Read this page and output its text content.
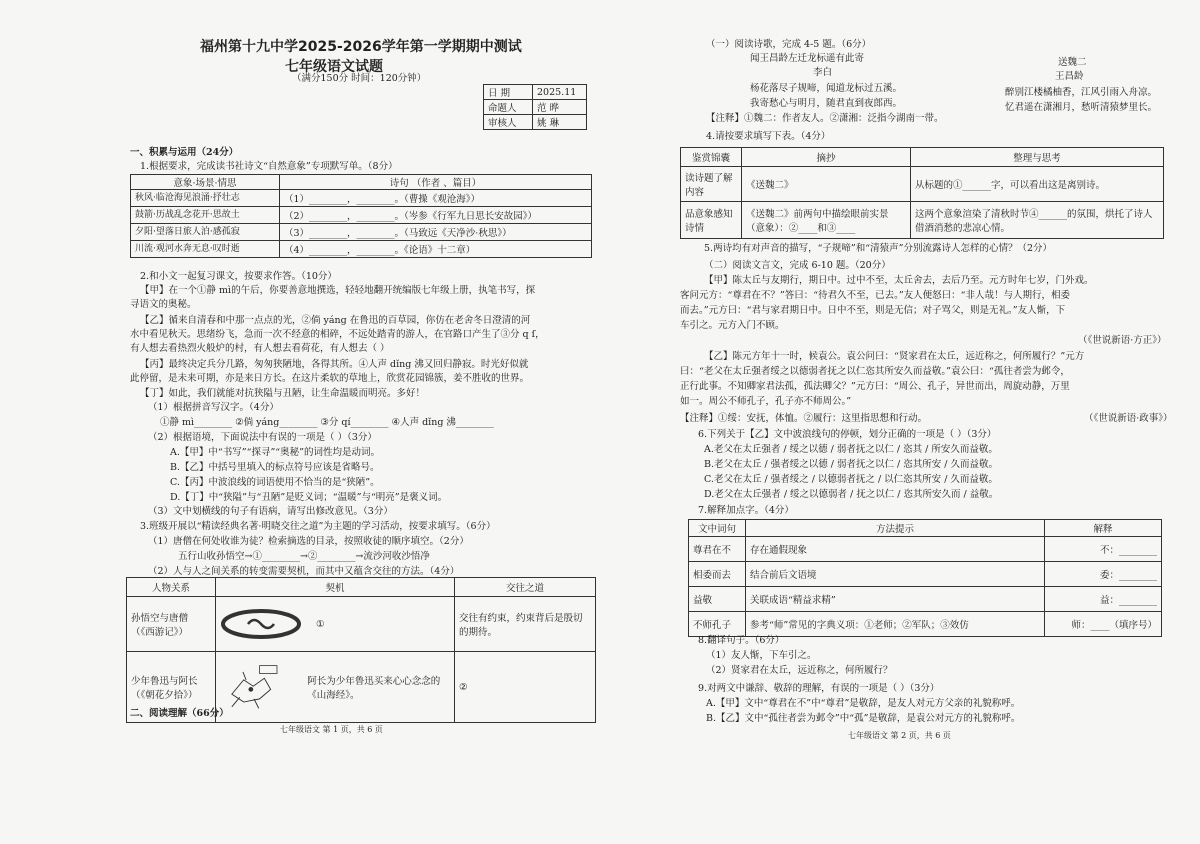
福州第十九中学2025-2026学年第一学期期中测试
七年级语文试题
（满分150分 时间：120分钟）
日 期	2025.11
命题人	范 晔
审核人	姚 琳
一、积累与运用（24分）
1.根据要求，完成读书社诗文“自然意象”专项默写单。（8分）
意象·场景·情思	诗句 （作者 、篇目）
秋风·临沧海见浪涌·抒壮志	（1）________，________。（曹操《观沧海》）
鼓箭·历战乱念花开·思故土	（2）________，________。（岑参《行军九日思长安故园》）
夕阳·望落日旅人泊·感孤寂	（3）________，________。（马致远《天净沙·秋思》）
川流·观河水奔无息·叹时逝	（4）________，________。《论语》十二章）
2.和小文一起复习课文，按要求作答。（10分）
【甲】在一个①静 mì的午后，你要善意地撰选，轻轻地翻开统编版七年级上册，执笔书写，探
寻语文的奥秘。
【乙】循来自清春和中那一点点的光，②倘 yáng 在鲁迅的百草园，你仿在老舍冬日澄清的河
水中看见秋天。思绪纷飞，急而一次不经意的相碎，不远处踏青的游人，在官路口产生了③分 q ſ，
有人想去看热烈火般炉的村，有人想去看荷花，有人想去（ ）
【丙】最终决定兵分几路，匆匆狭陋地，各得其所。④人声 dǐng 沸又回归静寂。时光好似就
此停留，是未来可期，亦是来日方长。在这片柔软的草地上，欣赏花园锦簇，姜不胜收的世界。
【丁】如此，我们就能对抗狭隘与丑陋，让生命温暖而明亮。多好！
（1）根据拼音写汉字。（4分）
①静 mì________ ②倘 yáng________ ③分 qí________ ④人声 dǐng 沸________
（2）根据语境，下面说法中有误的一项是（ ）（3分）
A.【甲】中“书写”“探寻”“奥秘”的词性均是动词。
B.【乙】中括号里填入的标点符号应该是省略号。
C.【丙】中波浪线的词语使用不恰当的是“狭陋”。
D.【丁】中“狭隘”与“丑陋”是贬义词；“温暖”与“明亮”是褒义词。
（3）文中划横线的句子有语病，请写出修改意见。（3分）
3.班级开展以“精读经典名著·明晓交往之道”为主题的学习活动，按要求填写。（6分）
（1）唐僧在何处收谁为徒？检索摘选的目录，按照收徒的顺序填空。（2分）
五行山收孙悟空→①________→②________→流沙河收沙悟净
（2）人与人之间关系的转变需要契机，而其中又蕴含交往的方法。（4分）
人物关系	契机	交往之道
孙悟空与唐僧（《西游记》）	①	交往有约束，约束背后是殷切的期待。
少年鲁迅与阿长（《朝花夕拾》）	阿长为少年鲁迅买来心心念念的《山海经》。	②
二、阅读理解（66分）
七年级语文 第 1 页，共 6 页
（一）阅读诗歌，完成 4-5 题。（6分）
闻王昌龄左迁龙标遥有此寄
李白
杨花落尽子规啼，闻道龙标过五溪。
我寄愁心与明月，随君直到夜郎西。
送魏二
王昌龄
醉别江楼橘柚香，江风引雨入舟凉。
忆君遥在潇湘月，愁听清猿梦里长。
【注释】①魏二：作者友人。②潇湘：泛指今湖南一带。
4.请按要求填写下表。（4分）
鉴赏锦囊	摘抄	整理与思考
读诗题了解内容	《送魏二》	从标题的①______字，可以看出这是离别诗。
品意象感知诗情	《送魏二》前两句中描绘眼前实景（意象）：②____和③____	这两个意象渲染了清秋时节④______的氛围，烘托了诗人借酒消愁的悲凉心情。
5.两诗均有对声音的描写，“子规啼”和“清猿声”分别流露诗人怎样的心情？（2分）
（二）阅读文言文，完成 6-10 题。（20分）
【甲】陈太丘与友期行，期日中。过中不至，太丘舍去，去后乃至。元方时年七岁，门外戏。
客问元方：“尊君在不？”答曰：“待君久不至，已去。”友人便怒曰：“非人哉！与人期行，相委
而去。”元方曰：“君与家君期日中。日中不至，则是无信；对子骂父，则是无礼。”友人惭，下
车引之。元方入门不顾。
（《世说新语·方正》）
【乙】陈元方年十一时，候袁公。袁公问曰：“贤家君在太丘，远近称之，何所履行？”元方
曰：“老父在太丘强者绥之以德弱者抚之以仁恣其所安久而益敬。”袁公曰：“孤往者尝为邺令，
正行此事。不知卿家君法孤，孤法卿父？”元方曰：“周公、孔子，异世而出，周旋动静，万里
如一。周公不师孔子，孔子亦不师周公。”
【注释】①绥：安抚，体恤。②履行：这里指思想和行动。	（《世说新语·政事》）
6.下列关于【乙】文中波浪线句的停顿，划分正确的一项是（ ）（3分）
A.老父在太丘强者 / 绥之以德 / 弱者抚之以仁 / 恣其 / 所安久而益敬。
B.老父在太丘 / 强者绥之以德 / 弱者抚之以仁 / 恣其所安 / 久而益敬。
C.老父在太丘 / 强者绥之 / 以德弱者抚之 / 以仁恣其所安 / 久而益敬。
D.老父在太丘强者 / 绥之以德弱者 / 抚之以仁 / 恣其所安久而 / 益敬。
7.解释加点字。（4分）
文中词句	方法提示	解释
尊君在不	存在通假现象	不：________
相委而去	结合前后文语境	委：________
益敬	关联成语“精益求精”	益：________
不师孔子	参考“师”常见的字典义项：①老师；②军队；③效仿	师：____（填序号）
8.翻译句子。（6分）
（1）友人惭，下车引之。
（2）贤家君在太丘，远近称之，何所履行？
9.对两文中谦辞、敬辞的理解，有误的一项是（ ）（3分）
A.【甲】文中“尊君在不”中“尊君”是敬辞，是友人对元方父亲的礼貌称呼。
B.【乙】文中“孤往者尝为邺令”中“孤”是敬辞，是袁公对元方的礼貌称呼。
七年级语文 第 2 页，共 6 页
